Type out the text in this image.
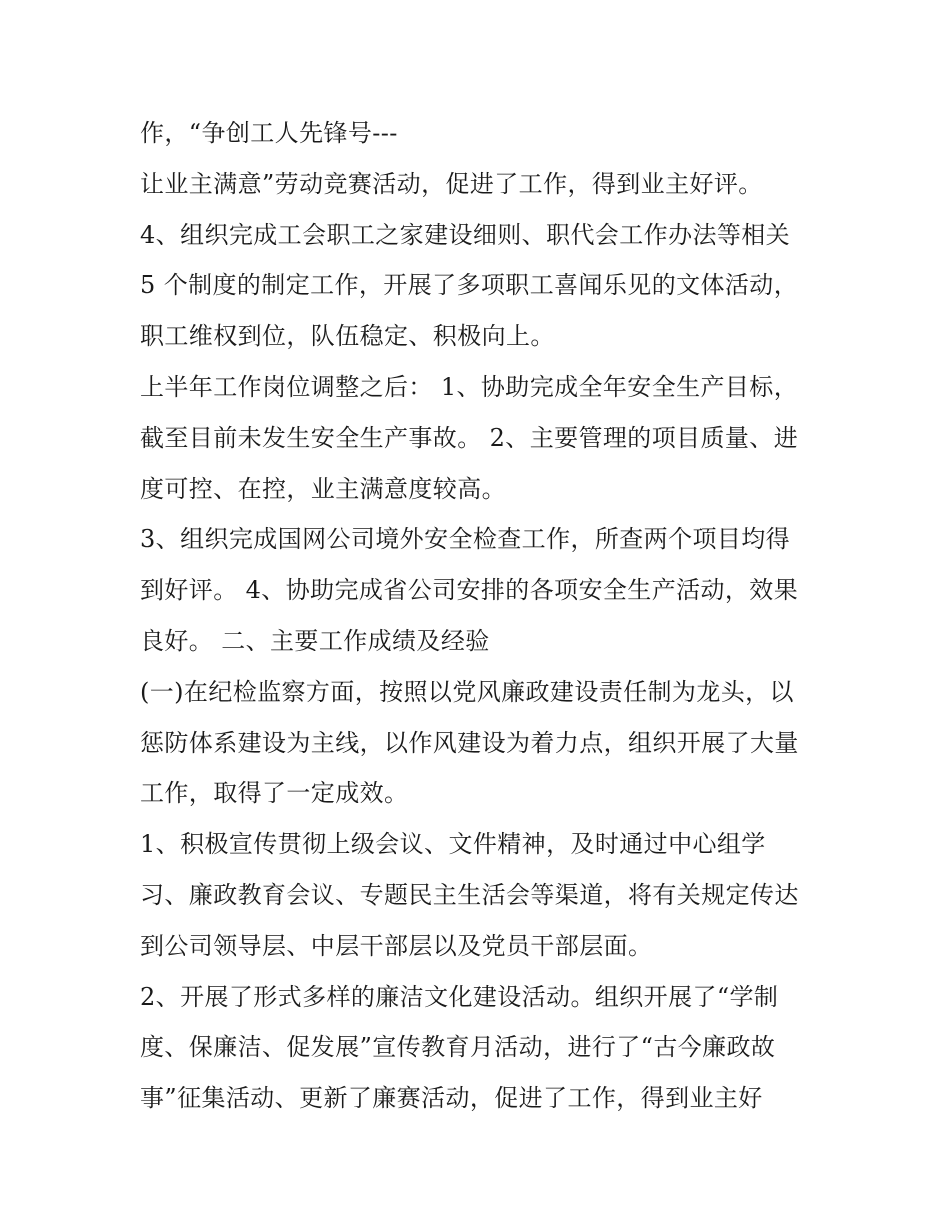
作，“争创工人先锋号---
让业主满意”劳动竞赛活动，促进了工作，得到业主好评。
4、组织完成工会职工之家建设细则、职代会工作办法等相关
5 个制度的制定工作，开展了多项职工喜闻乐见的文体活动，
职工维权到位，队伍稳定、积极向上。
上半年工作岗位调整之后： 1、协助完成全年安全生产目标，
截至目前未发生安全生产事故。 2、主要管理的项目质量、进
度可控、在控，业主满意度较高。
3、组织完成国网公司境外安全检查工作，所查两个项目均得
到好评。 4、协助完成省公司安排的各项安全生产活动，效果
良好。 二、主要工作成绩及经验
(一)在纪检监察方面，按照以党风廉政建设责任制为龙头，以
惩防体系建设为主线，以作风建设为着力点，组织开展了大量
工作，取得了一定成效。
1、积极宣传贯彻上级会议、文件精神，及时通过中心组学
习、廉政教育会议、专题民主生活会等渠道，将有关规定传达
到公司领导层、中层干部层以及党员干部层面。
2、开展了形式多样的廉洁文化建设活动。组织开展了“学制
度、保廉洁、促发展”宣传教育月活动，进行了“古今廉政故
事”征集活动、更新了廉赛活动，促进了工作，得到业主好
